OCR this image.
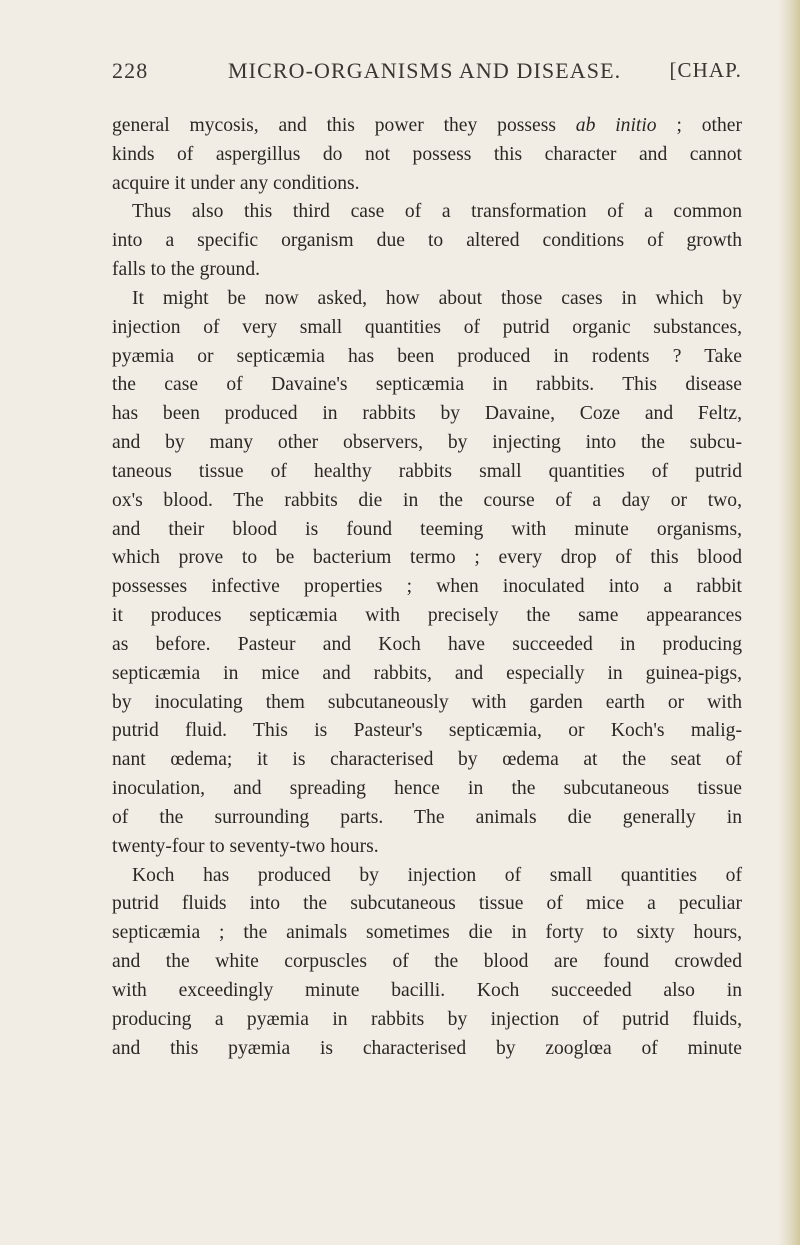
228	MICRO-ORGANISMS AND DISEASE. [CHAP.
general mycosis, and this power they possess ab initio ; other
kinds of aspergillus do not possess this character and cannot
acquire it under any conditions.
Thus also this third case of a transformation of a common
into a specific organism due to altered conditions of growth
falls to the ground.
It might be now asked, how about those cases in which by
injection of very small quantities of putrid organic substances,
pyæmia or septicæmia has been produced in rodents ? Take
the case of Davaine's septicæmia in rabbits. This disease
has been produced in rabbits by Davaine, Coze and Feltz,
and by many other observers, by injecting into the subcu-
taneous tissue of healthy rabbits small quantities of putrid
ox's blood. The rabbits die in the course of a day or two,
and their blood is found teeming with minute organisms,
which prove to be bacterium termo ; every drop of this blood
possesses infective properties ; when inoculated into a rabbit
it produces septicæmia with precisely the same appearances
as before. Pasteur and Koch have succeeded in producing
septicæmia in mice and rabbits, and especially in guinea-pigs,
by inoculating them subcutaneously with garden earth or with
putrid fluid. This is Pasteur's septicæmia, or Koch's malig-
nant œdema; it is characterised by œdema at the seat of
inoculation, and spreading hence in the subcutaneous tissue
of the surrounding parts. The animals die generally in
twenty-four to seventy-two hours.
Koch has produced by injection of small quantities of
putrid fluids into the subcutaneous tissue of mice a peculiar
septicæmia ; the animals sometimes die in forty to sixty hours,
and the white corpuscles of the blood are found crowded
with exceedingly minute bacilli. Koch succeeded also in
producing a pyæmia in rabbits by injection of putrid fluids,
and this pyæmia is characterised by zooglœa of minute
